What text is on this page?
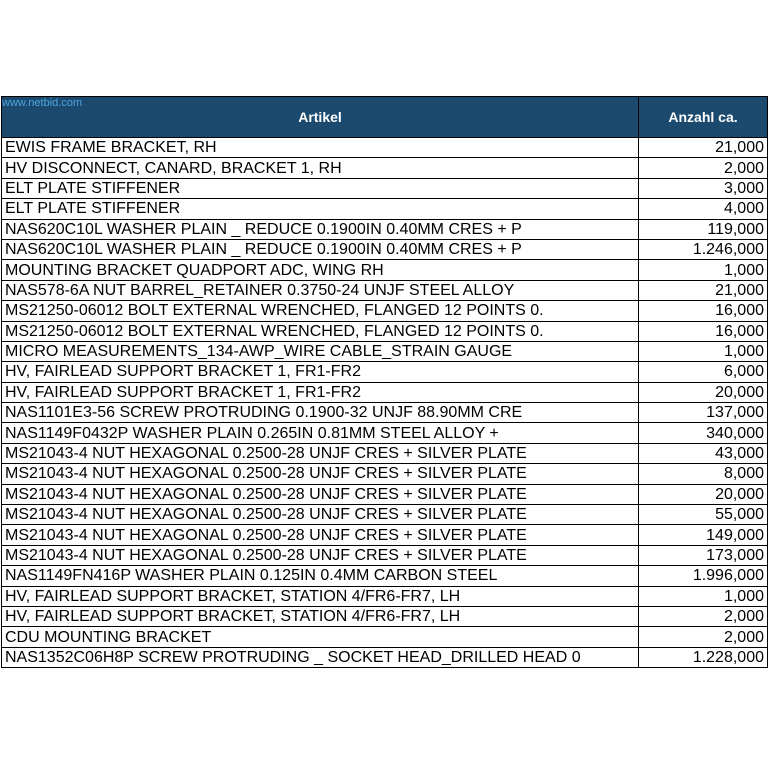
www.netbid.com
Artikel	Anzahl ca.
EWIS FRAME BRACKET, RH	21,000
HV DISCONNECT, CANARD, BRACKET 1, RH	2,000
ELT PLATE STIFFENER	3,000
ELT PLATE STIFFENER	4,000
NAS620C10L WASHER PLAIN _ REDUCE 0.1900IN 0.40MM CRES + P	119,000
NAS620C10L WASHER PLAIN _ REDUCE 0.1900IN 0.40MM CRES + P	1.246,000
MOUNTING BRACKET QUADPORT ADC, WING RH	1,000
NAS578-6A NUT BARREL_RETAINER 0.3750-24 UNJF STEEL ALLOY	21,000
MS21250-06012 BOLT EXTERNAL WRENCHED, FLANGED 12 POINTS 0.	16,000
MS21250-06012 BOLT EXTERNAL WRENCHED, FLANGED 12 POINTS 0.	16,000
MICRO MEASUREMENTS_134-AWP_WIRE CABLE_STRAIN GAUGE	1,000
HV, FAIRLEAD SUPPORT BRACKET 1, FR1-FR2	6,000
HV, FAIRLEAD SUPPORT BRACKET 1, FR1-FR2	20,000
NAS1101E3-56 SCREW PROTRUDING 0.1900-32 UNJF 88.90MM CRE	137,000
NAS1149F0432P WASHER PLAIN 0.265IN 0.81MM STEEL ALLOY +	340,000
MS21043-4 NUT HEXAGONAL 0.2500-28 UNJF CRES + SILVER PLATE	43,000
MS21043-4 NUT HEXAGONAL 0.2500-28 UNJF CRES + SILVER PLATE	8,000
MS21043-4 NUT HEXAGONAL 0.2500-28 UNJF CRES + SILVER PLATE	20,000
MS21043-4 NUT HEXAGONAL 0.2500-28 UNJF CRES + SILVER PLATE	55,000
MS21043-4 NUT HEXAGONAL 0.2500-28 UNJF CRES + SILVER PLATE	149,000
MS21043-4 NUT HEXAGONAL 0.2500-28 UNJF CRES + SILVER PLATE	173,000
NAS1149FN416P WASHER PLAIN 0.125IN 0.4MM CARBON STEEL	1.996,000
HV, FAIRLEAD SUPPORT BRACKET, STATION 4/FR6-FR7, LH	1,000
HV, FAIRLEAD SUPPORT BRACKET, STATION 4/FR6-FR7, LH	2,000
CDU MOUNTING BRACKET	2,000
NAS1352C06H8P SCREW PROTRUDING _ SOCKET HEAD_DRILLED HEAD 0	1.228,000
